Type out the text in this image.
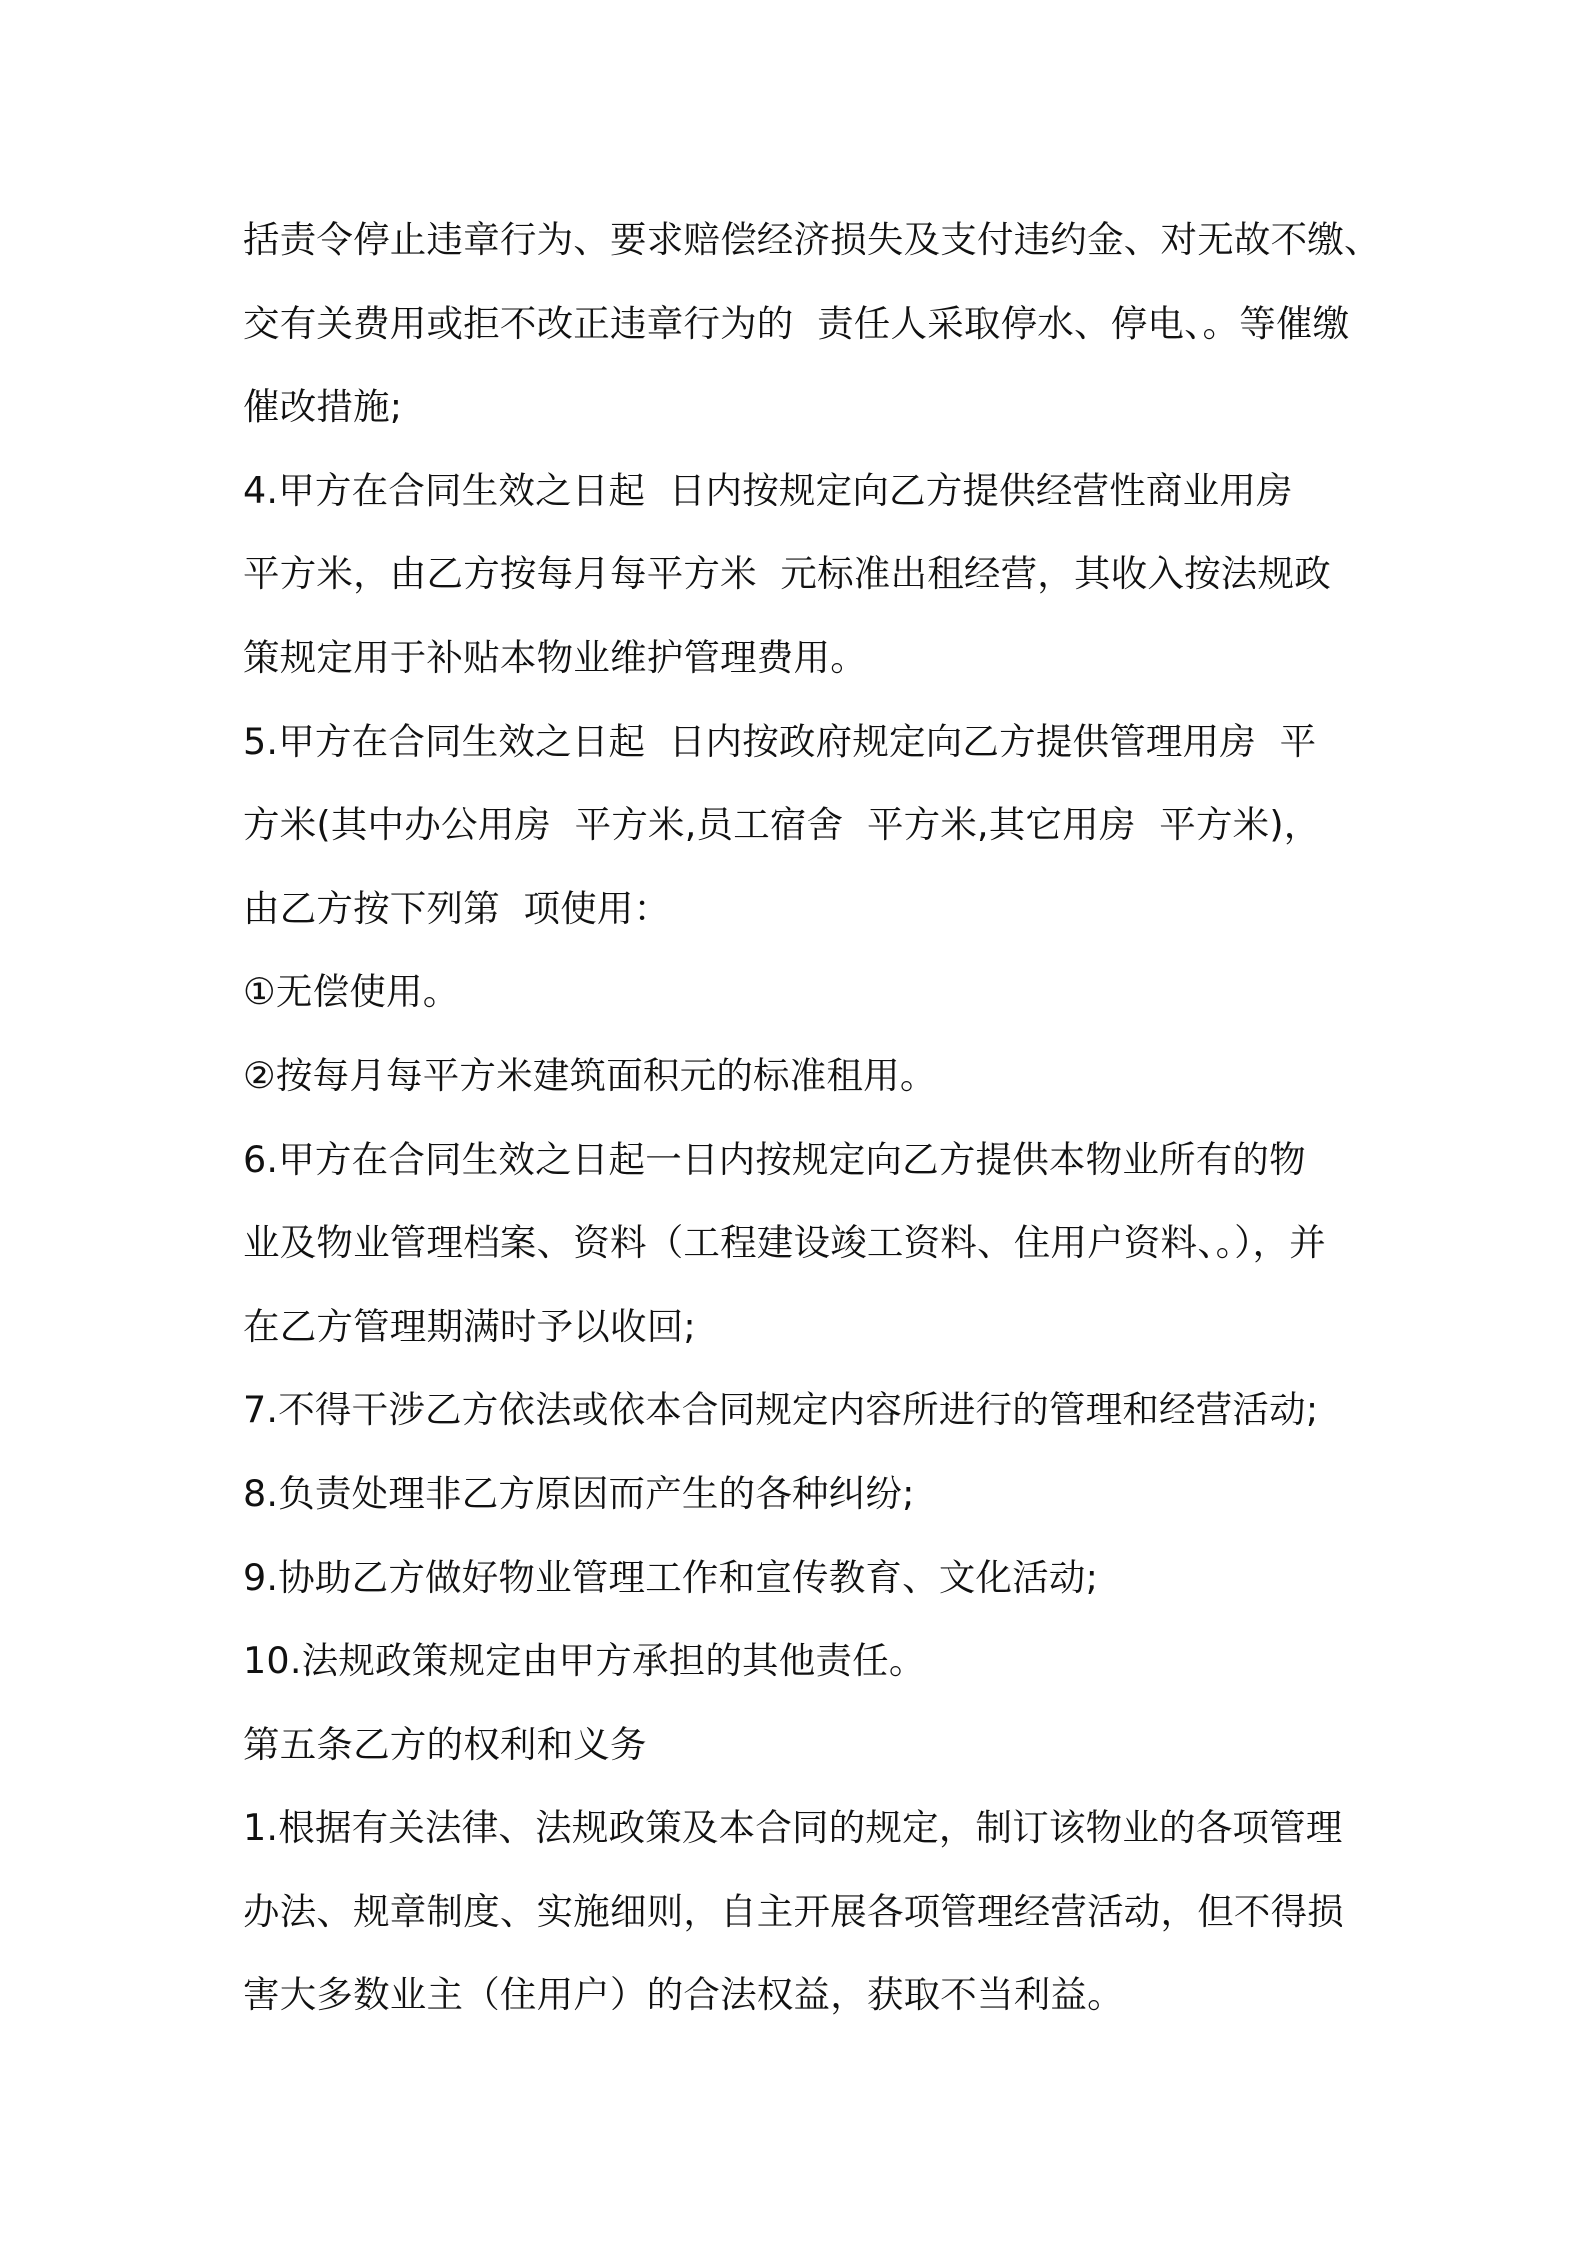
括责令停止违章行为、要求赔偿经济损失及支付违约金、对无故不缴、
交有关费用或拒不改正违章行为的  责任人采取停水、停电、。等催缴
催改措施;
4.甲方在合同生效之日起  日内按规定向乙方提供经营性商业用房
平方米，由乙方按每月每平方米  元标准出租经营，其收入按法规政
策规定用于补贴本物业维护管理费用。
5.甲方在合同生效之日起  日内按政府规定向乙方提供管理用房  平
方米(其中办公用房  平方米,员工宿舍  平方米,其它用房  平方米)，
由乙方按下列第  项使用：
①无偿使用。
②按每月每平方米建筑面积元的标准租用。
6.甲方在合同生效之日起一日内按规定向乙方提供本物业所有的物
业及物业管理档案、资料（工程建设竣工资料、住用户资料、。），并
在乙方管理期满时予以收回;
7.不得干涉乙方依法或依本合同规定内容所进行的管理和经营活动;
8.负责处理非乙方原因而产生的各种纠纷;
9.协助乙方做好物业管理工作和宣传教育、文化活动;
10.法规政策规定由甲方承担的其他责任。
第五条乙方的权利和义务
1.根据有关法律、法规政策及本合同的规定，制订该物业的各项管理
办法、规章制度、实施细则，自主开展各项管理经营活动，但不得损
害大多数业主（住用户）的合法权益，获取不当利益。
